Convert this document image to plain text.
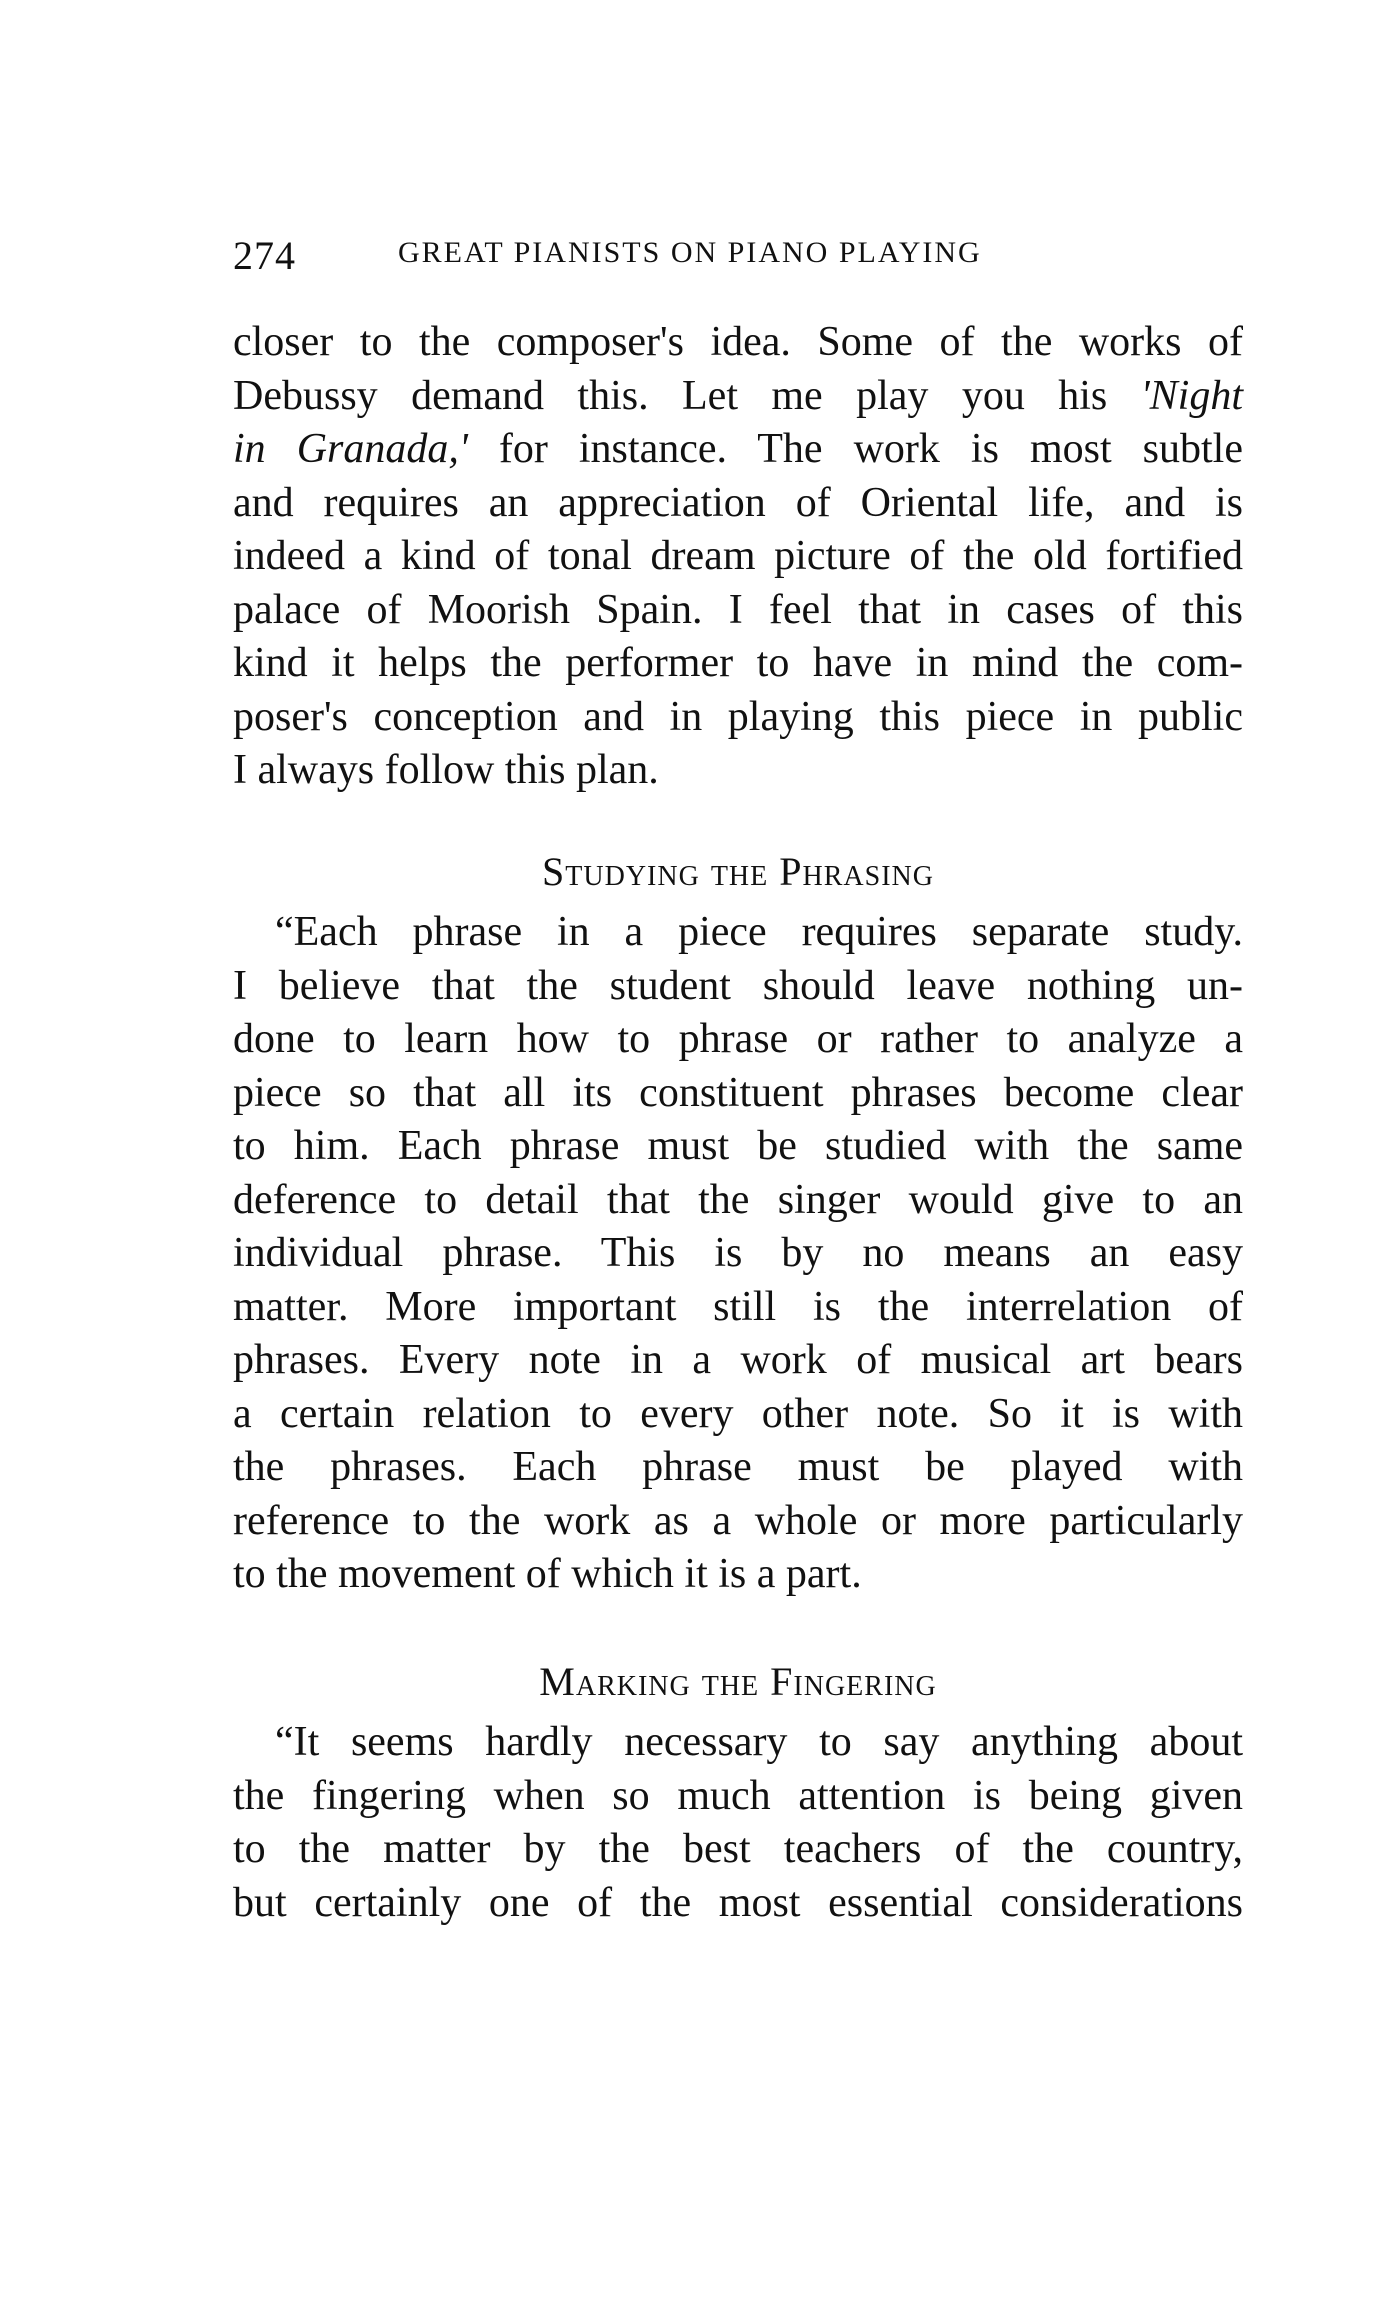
274	GREAT PIANISTS ON PIANO PLAYING
closer to the composer's idea. Some of the works of
Debussy demand this. Let me play you his 'Night
in Granada,' for instance. The work is most subtle
and requires an appreciation of Oriental life, and is
indeed a kind of tonal dream picture of the old fortified
palace of Moorish Spain. I feel that in cases of this
kind it helps the performer to have in mind the com-
poser's conception and in playing this piece in public
I always follow this plan.
Studying the Phrasing
“Each phrase in a piece requires separate study.
I believe that the student should leave nothing un-
done to learn how to phrase or rather to analyze a
piece so that all its constituent phrases become clear
to him. Each phrase must be studied with the same
deference to detail that the singer would give to an
individual phrase. This is by no means an easy
matter. More important still is the interrelation of
phrases. Every note in a work of musical art bears
a certain relation to every other note. So it is with
the phrases. Each phrase must be played with
reference to the work as a whole or more particularly
to the movement of which it is a part.
Marking the Fingering
“It seems hardly necessary to say anything about
the fingering when so much attention is being given
to the matter by the best teachers of the country,
but certainly one of the most essential considerations
